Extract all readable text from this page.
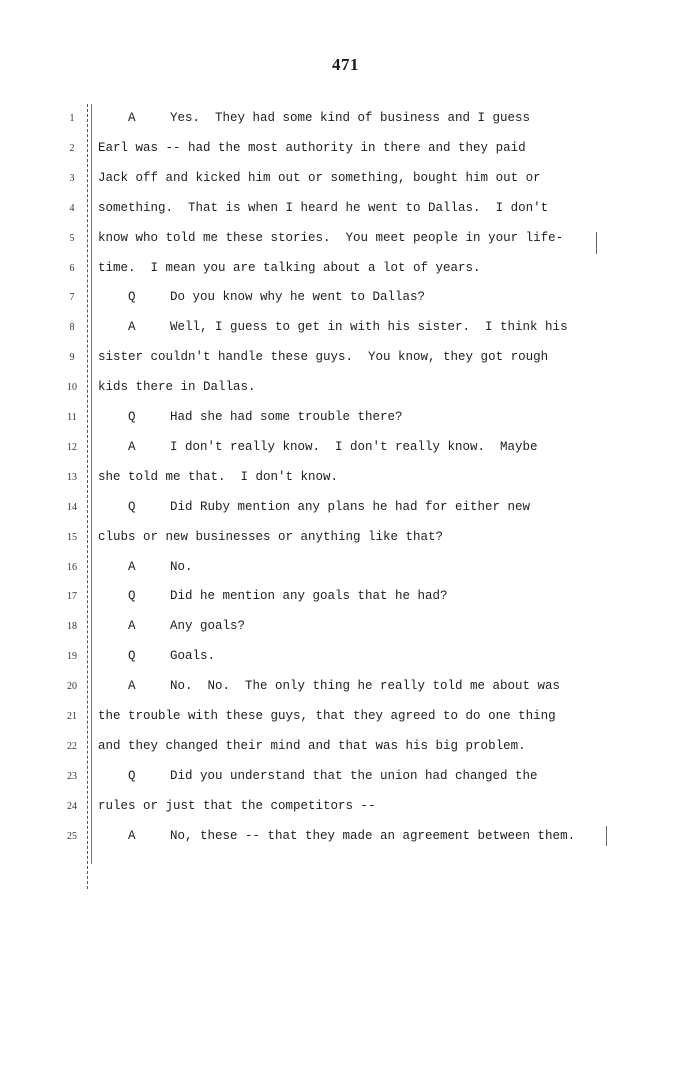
471
1	A	Yes.  They had some kind of business and I guess
2	Earl was -- had the most authority in there and they paid
3	Jack off and kicked him out or something, bought him out or
4	something.  That is when I heard he went to Dallas.  I don't
5	know who told me these stories.  You meet people in your life-
6	time.  I mean you are talking about a lot of years.
7	Q	Do you know why he went to Dallas?
8	A	Well, I guess to get in with his sister.  I think his
9	sister couldn't handle these guys.  You know, they got rough
10	kids there in Dallas.
11	Q	Had she had some trouble there?
12	A	I don't really know.  I don't really know.  Maybe
13	she told me that.  I don't know.
14	Q	Did Ruby mention any plans he had for either new
15	clubs or new businesses or anything like that?
16	A	No.
17	Q	Did he mention any goals that he had?
18	A	Any goals?
19	Q	Goals.
20	A	No.  No.  The only thing he really told me about was
21	the trouble with these guys, that they agreed to do one thing
22	and they changed their mind and that was his big problem.
23	Q	Did you understand that the union had changed the
24	rules or just that the competitors --
25	A	No, these -- that they made an agreement between them.
